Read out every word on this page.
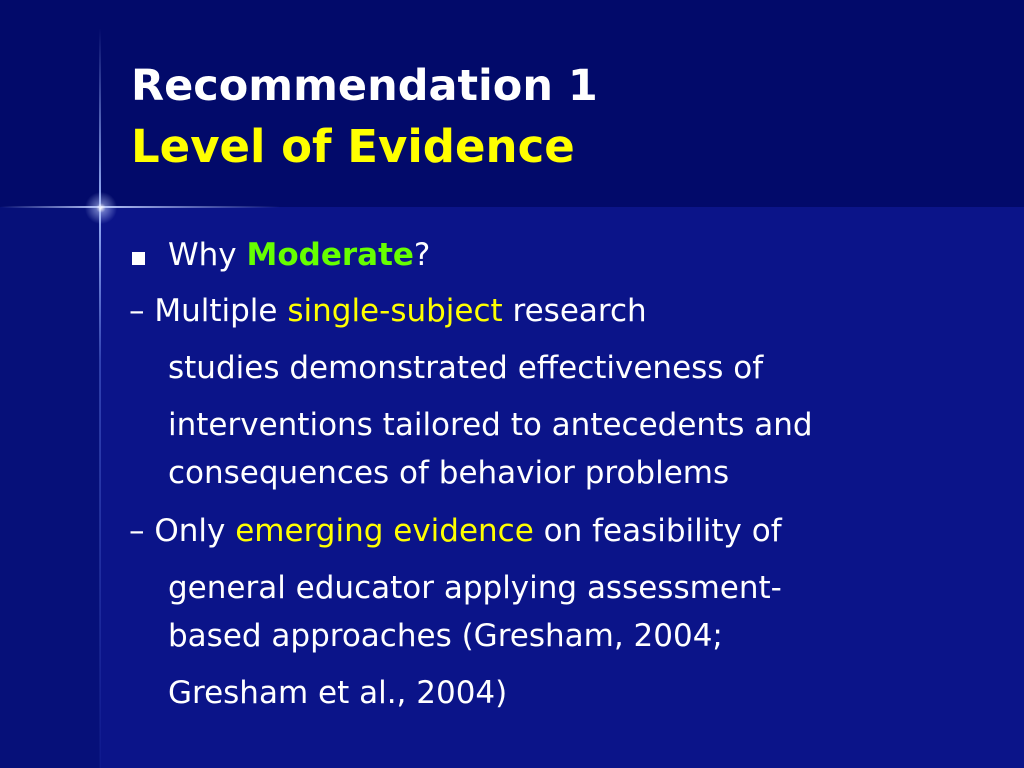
Recommendation 1
Level of Evidence
Why Moderate?
– Multiple single-subject research
studies demonstrated effectiveness of
interventions tailored to antecedents and
consequences of behavior problems
– Only emerging evidence on feasibility of
general educator applying assessment-
based approaches (Gresham, 2004;
Gresham et al., 2004)
